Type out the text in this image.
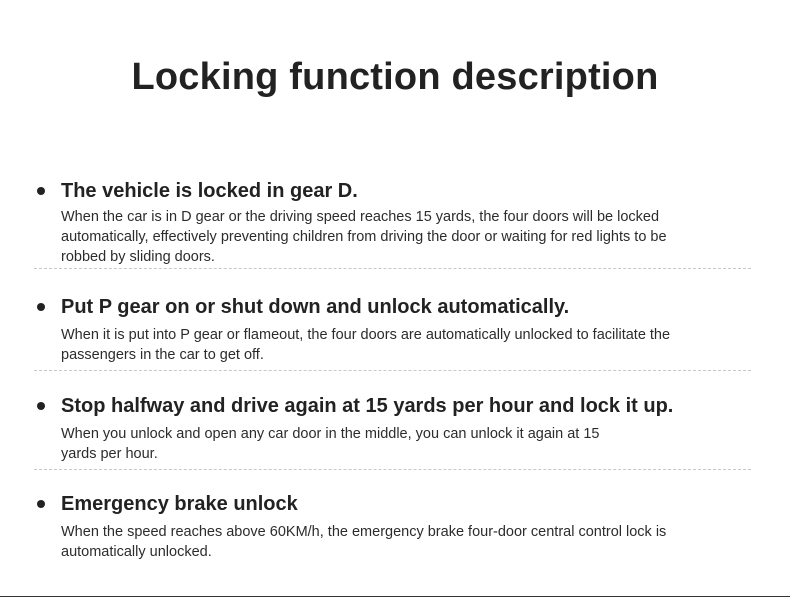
Locking function description
The vehicle is locked in gear D.
When the car is in D gear or the driving speed reaches 15 yards, the four doors will be locked automatically, effectively preventing children from driving the door or waiting for red lights to be robbed by sliding doors.
Put P gear on or shut down and unlock automatically.
When it is put into P gear or flameout, the four doors are automatically unlocked to facilitate the passengers in the car to get off.
Stop halfway and drive again at 15 yards per hour and lock it up.
When you unlock and open any car door in the middle, you can unlock it again at 15 yards per hour.
Emergency brake unlock
When the speed reaches above 60KM/h, the emergency brake four-door central control lock is automatically unlocked.
